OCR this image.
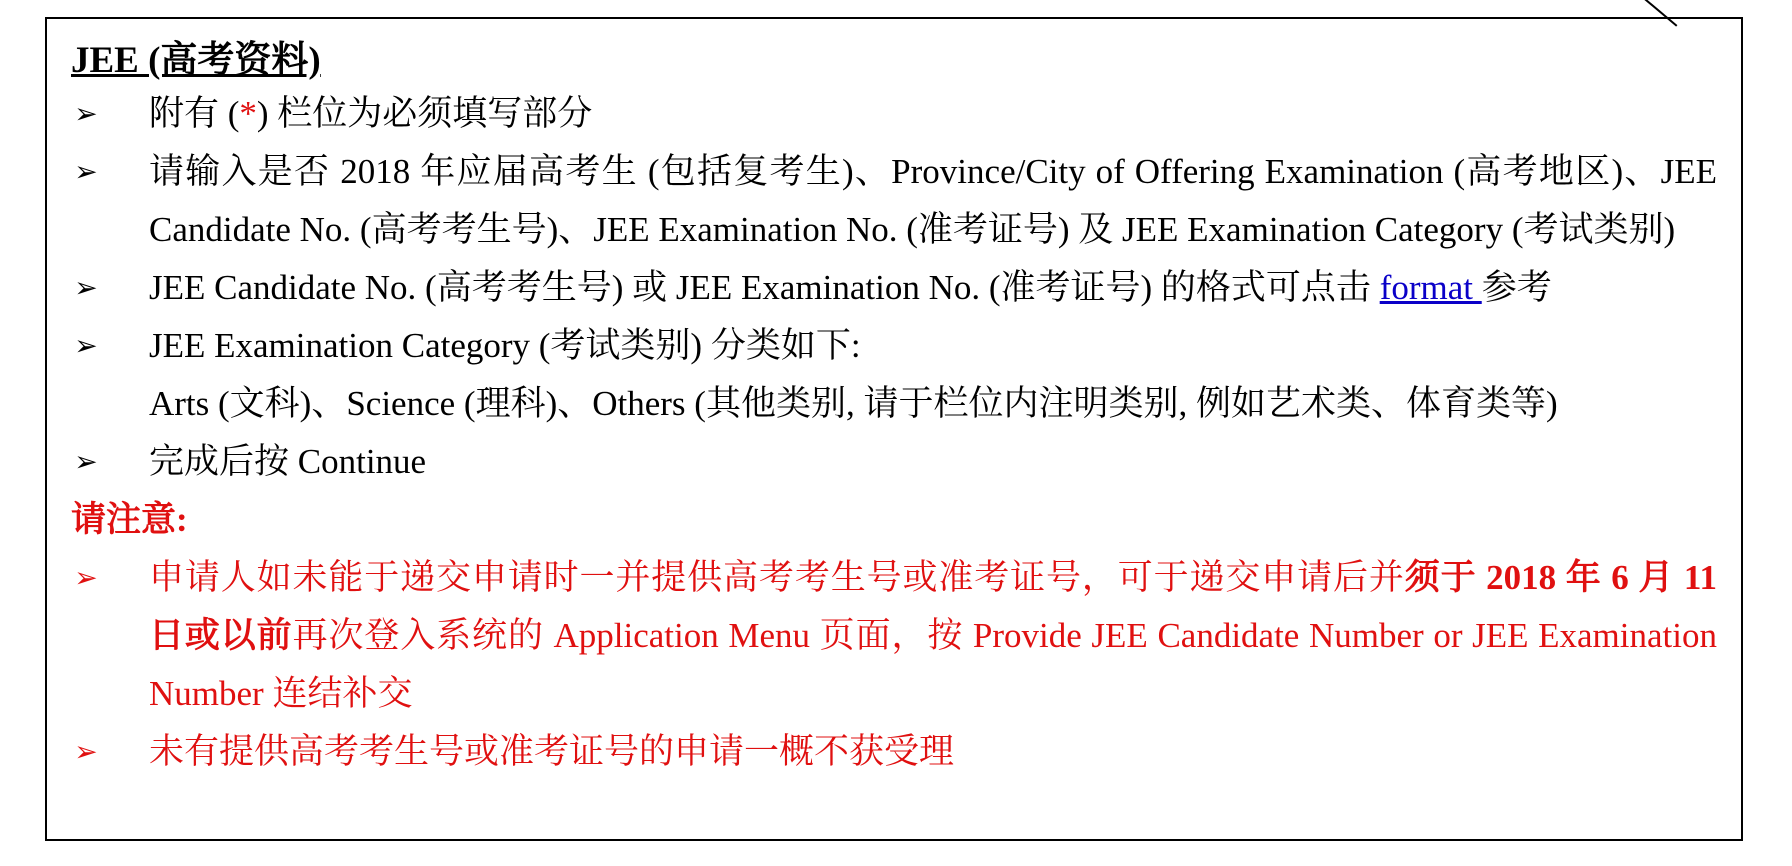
JEE (高考资料)

➢ 附有 (*) 栏位为必须填写部分
➢ 请输入是否 2018 年应届高考生 (包括复考生)、Province/City of Offering Examination (高考地区)、JEE Candidate No. (高考考生号)、JEE Examination No. (准考证号) 及 JEE Examination Category (考试类别)
➢ JEE Candidate No. (高考考生号) 或 JEE Examination No. (准考证号) 的格式可点击 format 参考
➢ JEE Examination Category (考试类别) 分类如下:
Arts (文科)、Science (理科)、Others (其他类别, 请于栏位内注明类别, 例如艺术类、体育类等)
➢ 完成后按 Continue

请注意:

➢ 申请人如未能于递交申请时一并提供高考考生号或准考证号，可于递交申请后并须于 2018 年 6 月 11 日或以前再次登入系统的 Application Menu 页面，按 Provide JEE Candidate Number or JEE Examination Number 连结补交
➢ 未有提供高考考生号或准考证号的申请一概不获受理
